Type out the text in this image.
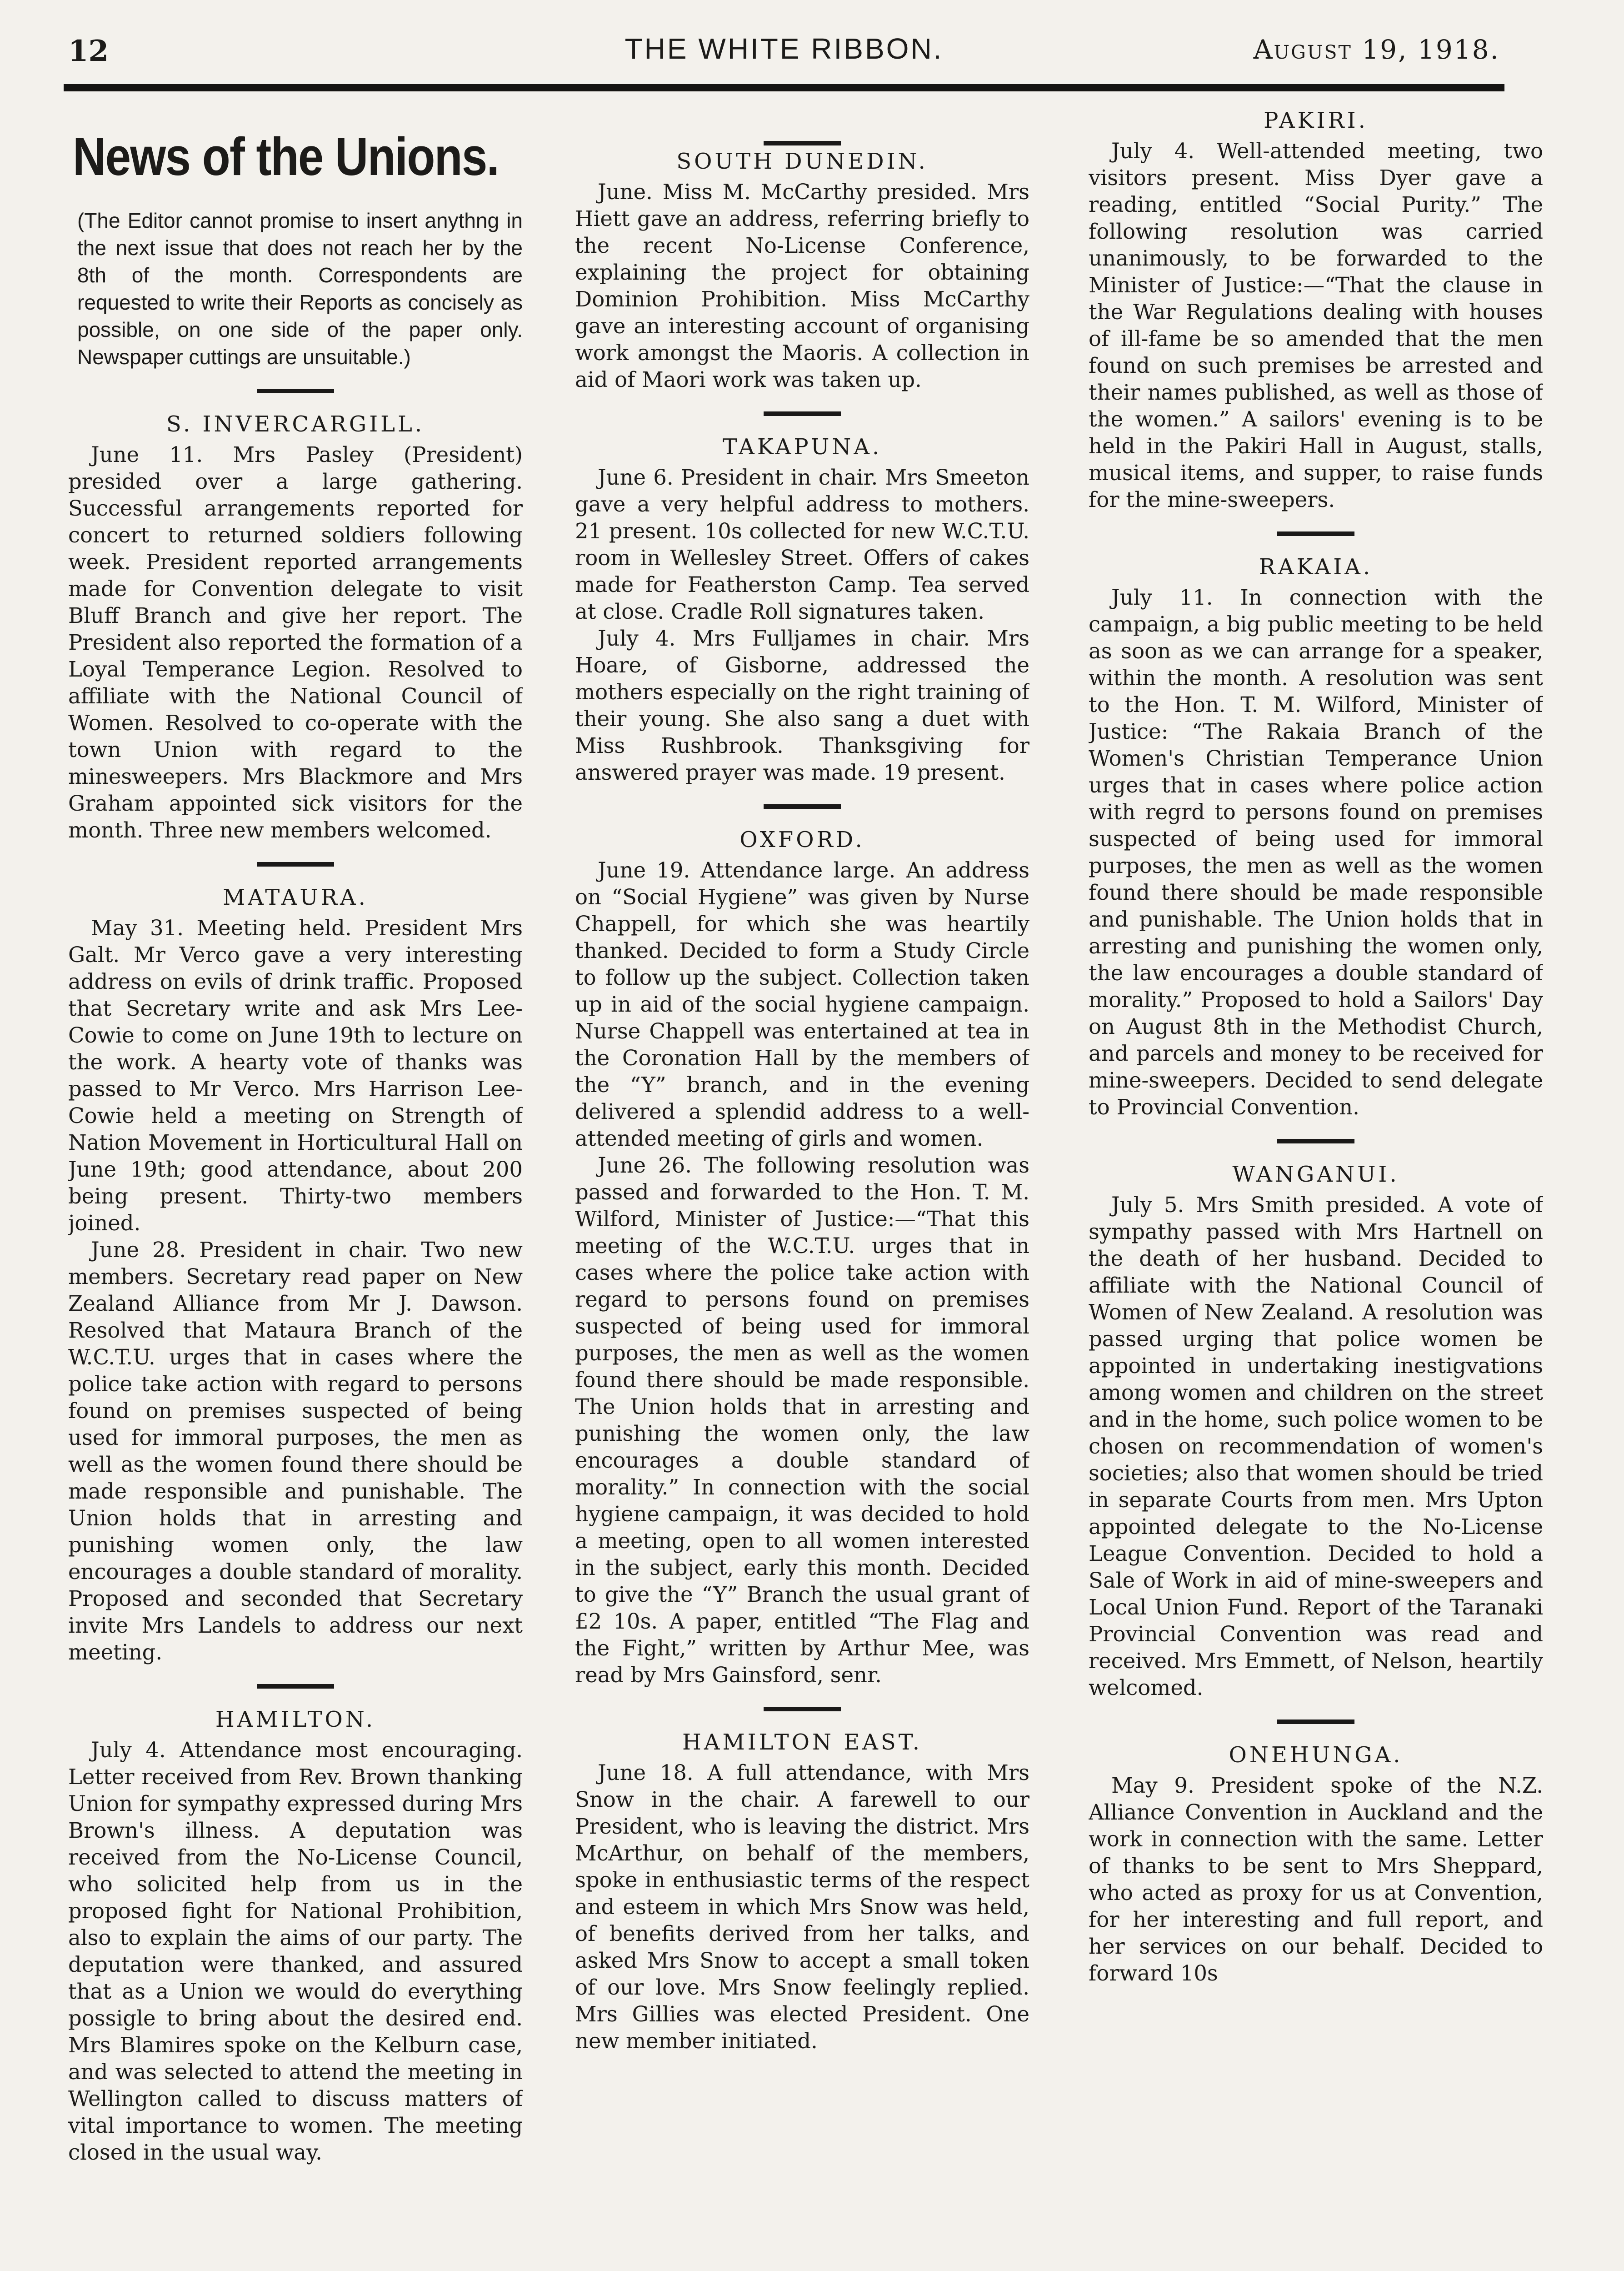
12	THE WHITE RIBBON.	August 19, 1918.
News of the Unions.
(The Editor cannot promise to insert anythng in the next issue that does not reach her by the 8th of the month. Correspondents are requested to write their Reports as concisely as possible, on one side of the paper only. Newspaper cuttings are unsuitable.)
S. INVERCARGILL.

June 11. Mrs Pasley (President) presided over a large gathering. Successful arrangements reported for concert to returned soldiers following week. President reported arrangements made for Convention delegate to visit Bluff Branch and give her report. The President also reported the formation of a Loyal Temperance Legion. Resolved to affiliate with the National Council of Women. Resolved to co-operate with the town Union with regard to the minesweepers. Mrs Blackmore and Mrs Graham appointed sick visitors for the month. Three new members welcomed.

MATAURA.

May 31. Meeting held. President Mrs Galt. Mr Verco gave a very interesting address on evils of drink traffic. Proposed that Secretary write and ask Mrs Lee-Cowie to come on June 19th to lecture on the work. A hearty vote of thanks was passed to Mr Verco. Mrs Harrison Lee-Cowie held a meeting on Strength of Nation Movement in Horticultural Hall on June 19th; good attendance, about 200 being present. Thirty-two members joined.

June 28. President in chair. Two new members. Secretary read paper on New Zealand Alliance from Mr J. Dawson. Resolved that Mataura Branch of the W.C.T.U. urges that in cases where the police take action with regard to persons found on premises suspected of being used for immoral purposes, the men as well as the women found there should be made responsible and punishable. The Union holds that in arresting and punishing women only, the law encourages a double standard of morality. Proposed and seconded that Secretary invite Mrs Landels to address our next meeting.

HAMILTON.

July 4. Attendance most encouraging. Letter received from Rev. Brown thanking Union for sympathy expressed during Mrs Brown's illness. A deputation was received from the No-License Council, who solicited help from us in the proposed fight for National Prohibition, also to explain the aims of our party. The deputation were thanked, and assured that as a Union we would do everything possigle to bring about the desired end. Mrs Blamires spoke on the Kelburn case, and was selected to attend the meeting in Wellington called to discuss matters of vital importance to women. The meeting closed in the usual way.

SOUTH DUNEDIN.

June. Miss M. McCarthy presided. Mrs Hiett gave an address, referring briefly to the recent No-License Conference, explaining the project for obtaining Dominion Prohibition. Miss McCarthy gave an interesting account of organising work amongst the Maoris. A collection in aid of Maori work was taken up.

TAKAPUNA.

June 6. President in chair. Mrs Smeeton gave a very helpful address to mothers. 21 present. 10s collected for new W.C.T.U. room in Wellesley Street. Offers of cakes made for Featherston Camp. Tea served at close. Cradle Roll signatures taken.

July 4. Mrs Fulljames in chair. Mrs Hoare, of Gisborne, addressed the mothers especially on the right training of their young. She also sang a duet with Miss Rushbrook. Thanksgiving for answered prayer was made. 19 present.

OXFORD.

June 19. Attendance large. An address on “Social Hygiene” was given by Nurse Chappell, for which she was heartily thanked. Decided to form a Study Circle to follow up the subject. Collection taken up in aid of the social hygiene campaign. Nurse Chappell was entertained at tea in the Coronation Hall by the members of the “Y” branch, and in the evening delivered a splendid address to a well-attended meeting of girls and women.

June 26. The following resolution was passed and forwarded to the Hon. T. M. Wilford, Minister of Justice:—“That this meeting of the W.C.T.U. urges that in cases where the police take action with regard to persons found on premises suspected of being used for immoral purposes, the men as well as the women found there should be made responsible. The Union holds that in arresting and punishing the women only, the law encourages a double standard of morality.” In connection with the social hygiene campaign, it was decided to hold a meeting, open to all women interested in the subject, early this month. Decided to give the “Y” Branch the usual grant of £2 10s. A paper, entitled “The Flag and the Fight,” written by Arthur Mee, was read by Mrs Gainsford, senr.

HAMILTON EAST.

June 18. A full attendance, with Mrs Snow in the chair. A farewell to our President, who is leaving the district. Mrs McArthur, on behalf of the members, spoke in enthusiastic terms of the respect and esteem in which Mrs Snow was held, of benefits derived from her talks, and asked Mrs Snow to accept a small token of our love. Mrs Snow feelingly replied. Mrs Gillies was elected President. One new member initiated.

PAKIRI.

July 4. Well-attended meeting, two visitors present. Miss Dyer gave a reading, entitled “Social Purity.” The following resolution was carried unanimously, to be forwarded to the Minister of Justice:—“That the clause in the War Regulations dealing with houses of ill-fame be so amended that the men found on such premises be arrested and their names published, as well as those of the women.” A sailors' evening is to be held in the Pakiri Hall in August, stalls, musical items, and supper, to raise funds for the mine-sweepers.

RAKAIA.

July 11. In connection with the campaign, a big public meeting to be held as soon as we can arrange for a speaker, within the month. A resolution was sent to the Hon. T. M. Wilford, Minister of Justice: “The Rakaia Branch of the Women's Christian Temperance Union urges that in cases where police action with regrd to persons found on premises suspected of being used for immoral purposes, the men as well as the women found there should be made responsible and punishable. The Union holds that in arresting and punishing the women only, the law encourages a double standard of morality.” Proposed to hold a Sailors' Day on August 8th in the Methodist Church, and parcels and money to be received for mine-sweepers. Decided to send delegate to Provincial Convention.

WANGANUI.

July 5. Mrs Smith presided. A vote of sympathy passed with Mrs Hartnell on the death of her husband. Decided to affiliate with the National Council of Women of New Zealand. A resolution was passed urging that police women be appointed in undertaking inestigvations among women and children on the street and in the home, such police women to be chosen on recommendation of women's societies; also that women should be tried in separate Courts from men. Mrs Upton appointed delegate to the No-License League Convention. Decided to hold a Sale of Work in aid of mine-sweepers and Local Union Fund. Report of the Taranaki Provincial Convention was read and received. Mrs Emmett, of Nelson, heartily welcomed.

ONEHUNGA.

May 9. President spoke of the N.Z. Alliance Convention in Auckland and the work in connection with the same. Letter of thanks to be sent to Mrs Sheppard, who acted as proxy for us at Convention, for her interesting and full report, and her services on our behalf. Decided to forward 10s
